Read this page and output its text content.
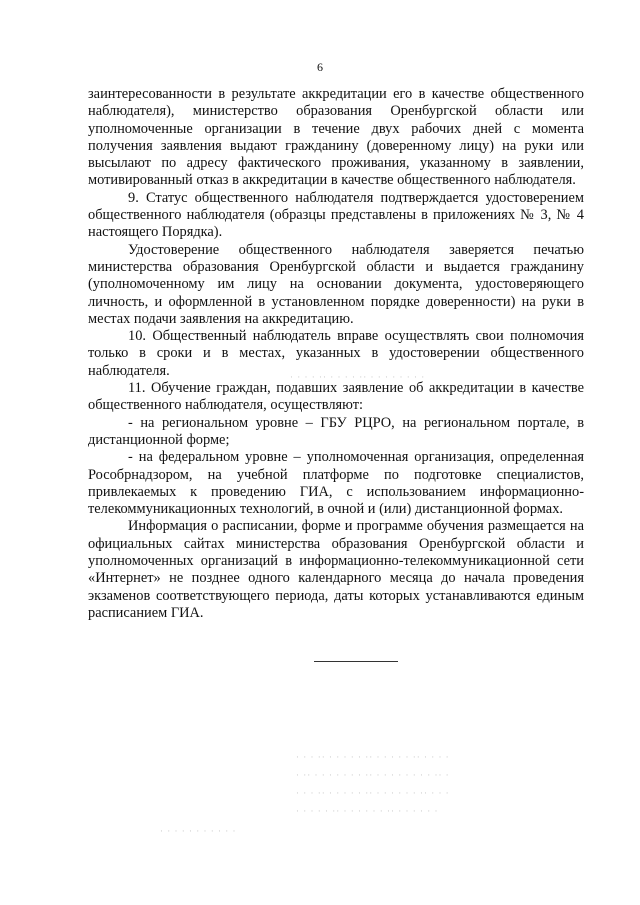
6

заинтересованности в результате аккредитации его в качестве общественного наблюдателя), министерство образования Оренбургской области или уполномоченные организации в течение двух рабочих дней с момента получения заявления выдают гражданину (доверенному лицу) на руки или высылают по адресу фактического проживания, указанному в заявлении, мотивированный отказ в аккредитации в качестве общественного наблюдателя.

9. Статус общественного наблюдателя подтверждается удостоверением общественного наблюдателя (образцы представлены в приложениях № 3, № 4 настоящего Порядка).

Удостоверение общественного наблюдателя заверяется печатью министерства образования Оренбургской области и выдается гражданину (уполномоченному им лицу на основании документа, удостоверяющего личность, и оформленной в установленном порядке доверенности) на руки в местах подачи заявления на аккредитацию.

10. Общественный наблюдатель вправе осуществлять свои полномочия только в сроки и в местах, указанных в удостоверении общественного наблюдателя.

11. Обучение граждан, подавших заявление об аккредитации в качестве общественного наблюдателя, осуществляют:

- на региональном уровне – ГБУ РЦРО, на региональном портале, в дистанционной форме;

- на федеральном уровне – уполномоченная организация, определенная Рособрнадзором, на учебной платформе по подготовке специалистов, привлекаемых к проведению ГИА, с использованием информационно-телекоммуникационных технологий, в очной и (или) дистанционной формах.

Информация о расписании, форме и программе обучения размещается на официальных сайтах министерства образования Оренбургской области и уполномоченных организаций в информационно-телекоммуникационной сети «Интернет» не позднее одного календарного месяца до начала проведения экзаменов соответствующего периода, даты которых устанавливаются единым расписанием ГИА.

· · · · ·· · · · · ·· · · · · · · · ·
· · · ·· · · · · · ·· · · · · · ·· · · · ·
· ·· · · · · · · · ·· · · · · · · · · ·· ·
· · · ·· · · · · · ·· · · · · · · ·· · · ·
· · · · · ·· · · · · · · ·· · · · · · ·
· · · · · · · · · · ·
